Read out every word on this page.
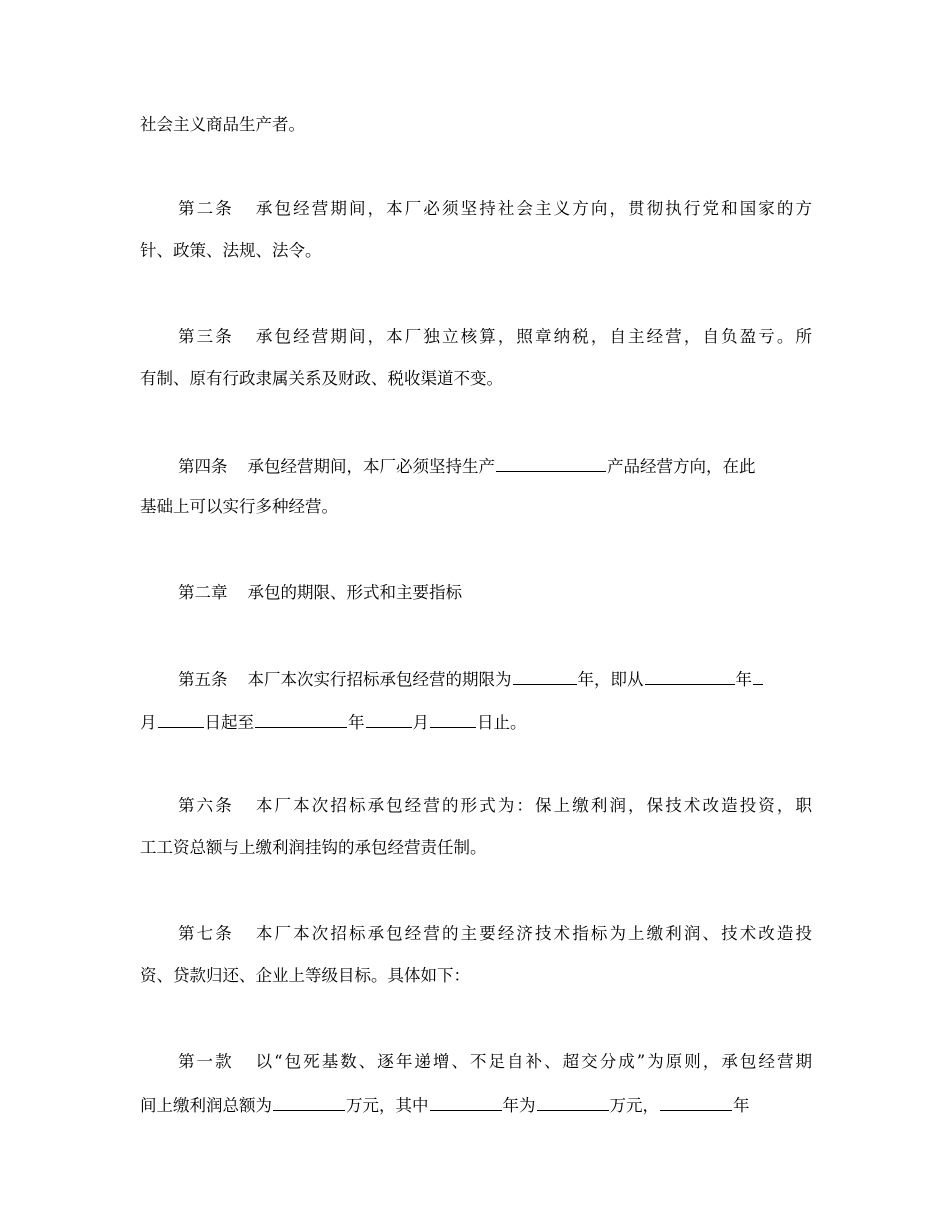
社会主义商品生产者。
第二条 承包经营期间，本厂必须坚持社会主义方向，贯彻执行党和国家的方
针、政策、法规、法令。
第三条 承包经营期间，本厂独立核算，照章纳税，自主经营，自负盈亏。所
有制、原有行政隶属关系及财政、税收渠道不变。
第四条 承包经营期间，本厂必须坚持生产	产品经营方向，在此
基础上可以实行多种经营。
第二章 承包的期限、形式和主要指标
第五条 本厂本次实行招标承包经营的期限为	年，即从	年
月	日起至	年	月	日止。
第六条 本厂本次招标承包经营的形式为：保上缴利润，保技术改造投资，职
工工资总额与上缴利润挂钩的承包经营责任制。
第七条 本厂本次招标承包经营的主要经济技术指标为上缴利润、技术改造投
资、贷款归还、企业上等级目标。具体如下：
第一款 以“包死基数、逐年递增、不足自补、超交分成”为原则，承包经营期
间上缴利润总额为	万元，其中	年为	万元，	年
